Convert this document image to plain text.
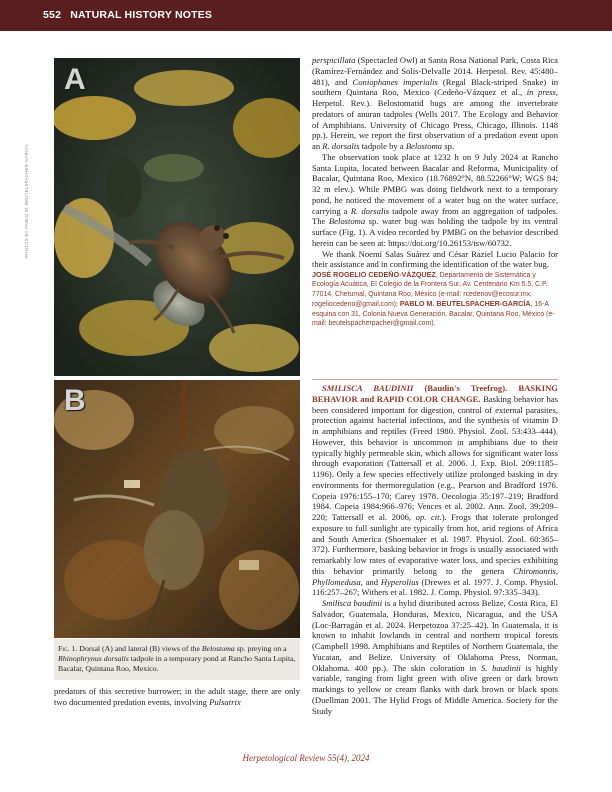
552 NATURAL HISTORY NOTES
PHOTOS BY PABLO M. BEUTELSPACHER-GARCÍA
A
B
Fig. 1. Dorsal (A) and lateral (B) views of the Belostoma sp. preying on a Rhinophrynus dorsalis tadpole in a temporary pond at Rancho Santa Lupita, Bacalar, Quintana Roo, Mexico.

predators of this secretive burrower; in the adult stage, there are only two documented predation events, involving Pulsatrix

perspicillata (Spectacled Owl) at Santa Rosa National Park, Costa Rica (Ramírez-Fernández and Solís-Delvalle 2014. Herpetol. Rev. 45:480–481), and Coniophanes imperialis (Regal Black-striped Snake) in southern Quintana Roo, Mexico (Cedeño-Vázquez et al., in press, Herpetol. Rev.). Belostomatid bugs are among the invertebrate predators of anuran tadpoles (Wells 2017. The Ecology and Behavior of Amphibians. University of Chicago Press, Chicago, Illinois. 1148 pp.). Herein, we report the first observation of a predation event upon an R. dorsalis tadpole by a Belostoma sp.

The observation took place at 1232 h on 9 July 2024 at Rancho Santa Lupita, located between Bacalar and Reforma, Municipality of Bacalar, Quintana Roo, Mexico (18.76892°N, 88.52266°W; WGS 84; 32 m elev.). While PMBG was doing fieldwork next to a temporary pond, he noticed the movement of a water bug on the water surface, carrying a R. dorsalis tadpole away from an aggregation of tadpoles. The Belostoma sp. water bug was holding the tadpole by its ventral surface (Fig. 1). A video recorded by PMBG on the behavior described herein can be seen at: https://doi.org/10.26153/tsw/60732.

We thank Noemí Salas Suárez and César Raziel Lucio Palacio for their assistance and in confirming the identification of the water bug.

JOSÉ ROGELIO CEDEÑO-VÁZQUEZ, Departamento de Sistemática y Ecología Acuática, El Colegio de la Frontera Sur, Av. Centenario Km 5.5, C.P. 77014, Chetumal, Quintana Roo, México (e-mail: rcedenov@ecosur.mx; rogeliocedeno@gmail.com); PABLO M. BEUTELSPACHER-GARCÍA, 16-A esquina con 31, Colonia Nueva Generación, Bacalar, Quintana Roo, México (e-mail: beutelspacherpacher@gmail.com).

SMILISCA BAUDINII (Baudin's Treefrog). BASKING BEHAVIOR and RAPID COLOR CHANGE. Basking behavior has been considered important for digestion, control of external parasites, protection against bacterial infections, and the synthesis of vitamin D in amphibians and reptiles (Freed 1980. Physiol. Zool. 53:433–444). However, this behavior is uncommon in amphibians due to their typically highly permeable skin, which allows for significant water loss through evaporation (Tattersall et al. 2006. J. Exp. Biol. 209:1185–1196). Only a few species effectively utilize prolonged basking in dry environments for thermoregulation (e.g., Pearson and Bradford 1976. Copeia 1976:155–170; Carey 1978. Oecologia 35:197–219; Bradford 1984. Copeia 1984:966–976; Vences et al. 2002. Ann. Zool. 39:209–220; Tattersall et al. 2006, op. cit.). Frogs that tolerate prolonged exposure to full sunlight are typically from hot, arid regions of Africa and South America (Shoemaker et al. 1987. Physiol. Zool. 60:365–372). Furthermore, basking behavior in frogs is usually associated with remarkably low rates of evaporative water loss, and species exhibiting this behavior primarily belong to the genera Chiromantis, Phyllomedusa, and Hyperolius (Drewes et al. 1977. J. Comp. Physiol. 116:257–267; Withers et al. 1982. J. Comp. Physiol. 97:335–343).

Smilisca baudinii is a hylid distributed across Belize, Costa Rica, El Salvador, Guatemala, Honduras, Mexico, Nicaragua, and the USA (Loc-Barragán et al. 2024. Herpetozoa 37:25–42). In Guatemala, it is known to inhabit lowlands in central and northern tropical forests (Campbell 1998. Amphibians and Reptiles of Northern Guatemala, the Yucatan, and Belize. University of Oklahoma Press, Norman, Oklahoma. 400 pp.). The skin coloration in S. baudinii is highly variable, ranging from light green with olive green or dark brown markings to yellow or cream flanks with dark brown or black spots (Duellman 2001. The Hylid Frogs of Middle America. Society for the Study

Herpetological Review 55(4), 2024
